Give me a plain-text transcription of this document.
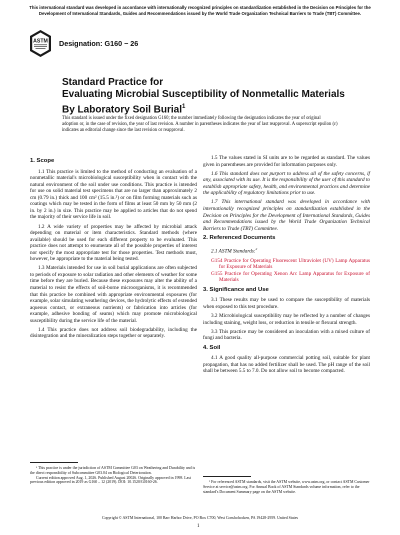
This international standard was developed in accordance with internationally recognized principles on standardization established in the Decision on Principles for the Development of International Standards, Guides and Recommendations issued by the World Trade Organization Technical Barriers to Trade (TBT) Committee.
ASTM Designation: G160 − 26
Standard Practice for
Evaluating Microbial Susceptibility of Nonmetallic Materials
By Laboratory Soil Burial$^1$
This standard is issued under the fixed designation G160; the number immediately following the designation indicates the year of original adoption or, in the case of revision, the year of last revision. A number in parentheses indicates the year of last reapproval. A superscript epsilon (ε) indicates an editorial change since the last revision or reapproval.

1. Scope

1.1 This practice is limited to the method of conducting an evaluation of a nonmetallic material's microbiological susceptibility when in contact with the natural environment of the soil under use conditions. This practice is intended for use on solid material test specimens that are no larger than approximately 2 cm (0.79 in.) thick and 100 cm² (15.5 in.²) or on film forming materials such as coatings which may be tested in the form of films at least 50 mm by 50 mm (2 in. by 2 in.) in size. This practice may be applied to articles that do not spend the majority of their service life in soil.

1.2 A wide variety of properties may be affected by microbial attack depending on material or item characteristics. Standard methods (where available) should be used for each different property to be evaluated. This practice does not attempt to enumerate all of the possible properties of interest nor specify the most appropriate test for those properties. Test methods must, however, be appropriate to the material being tested.

1.3 Materials intended for use in soil burial applications are often subjected to periods of exposure to solar radiation and other elements of weather for some time before they are buried. Because these exposures may alter the ability of a material to resist the effects of soil-borne microorganisms, it is recommended that this practice be combined with appropriate environmental exposures (for example, solar simulating weathering devices, the hydrolytic effects of extended aqueous contact, or extraneous nutrients) or fabrication into articles (for example, adhesive bonding of seams) which may promote microbiological susceptibility during the service life of the material.

1.4 This practice does not address soil biodegradability, including the disintegration and the mineralization steps together or separately.

¹ This practice is under the jurisdiction of ASTM Committee G03 on Weathering and Durability and is the direct responsibility of Subcommittee G03.04 on Biological Deterioration.
Current edition approved Aug. 1, 2026. Published August 20026. Originally approved in 1998. Last previous edition approved in 2019 as G160 – 12 (2019). DOI: 10.1520/G0160-26.

1.5 The values stated in SI units are to be regarded as standard. The values given in parentheses are provided for information purposes only.

1.6 This standard does not purport to address all of the safety concerns, if any, associated with its use. It is the responsibility of the user of this standard to establish appropriate safety, health, and environmental practices and determine the applicability of regulatory limitations prior to use.

1.7 This international standard was developed in accordance with internationally recognized principles on standardization established in the Decision on Principles for the Development of International Standards, Guides and Recommendations issued by the World Trade Organization Technical Barriers to Trade (TBT) Committee.

2. Referenced Documents

2.1 ASTM Standards:$^2$

G154 Practice for Operating Fluorescent Ultraviolet (UV) Lamp Apparatus for Exposure of Materials

G155 Practice for Operating Xenon Arc Lamp Apparatus for Exposure of Materials

3. Significance and Use

3.1 These results may be used to compare the susceptibility of materials when exposed to this test procedure.

3.2 Microbiological susceptibility may be reflected by a number of changes including staining, weight loss, or reduction in tensile or flexural strength.

3.3 This practice may be considered an inoculation with a mixed culture of fungi and bacteria.

4. Soil

4.1 A good quality all-purpose commercial potting soil, suitable for plant propagation, that has no added fertilizer shall be used. The pH range of the soil shall be between 5.5 to 7.0. Do not allow soil to become compacted.

² For referenced ASTM standards, visit the ASTM website, www.astm.org, or contact ASTM Customer Service at service@astm.org. For Annual Book of ASTM Standards volume information, refer to the standard's Document Summary page on the ASTM website.
Copyright © ASTM International, 100 Barr Harbor Drive, PO Box C700, West Conshohocken, PA 19428-2959. United States
1
